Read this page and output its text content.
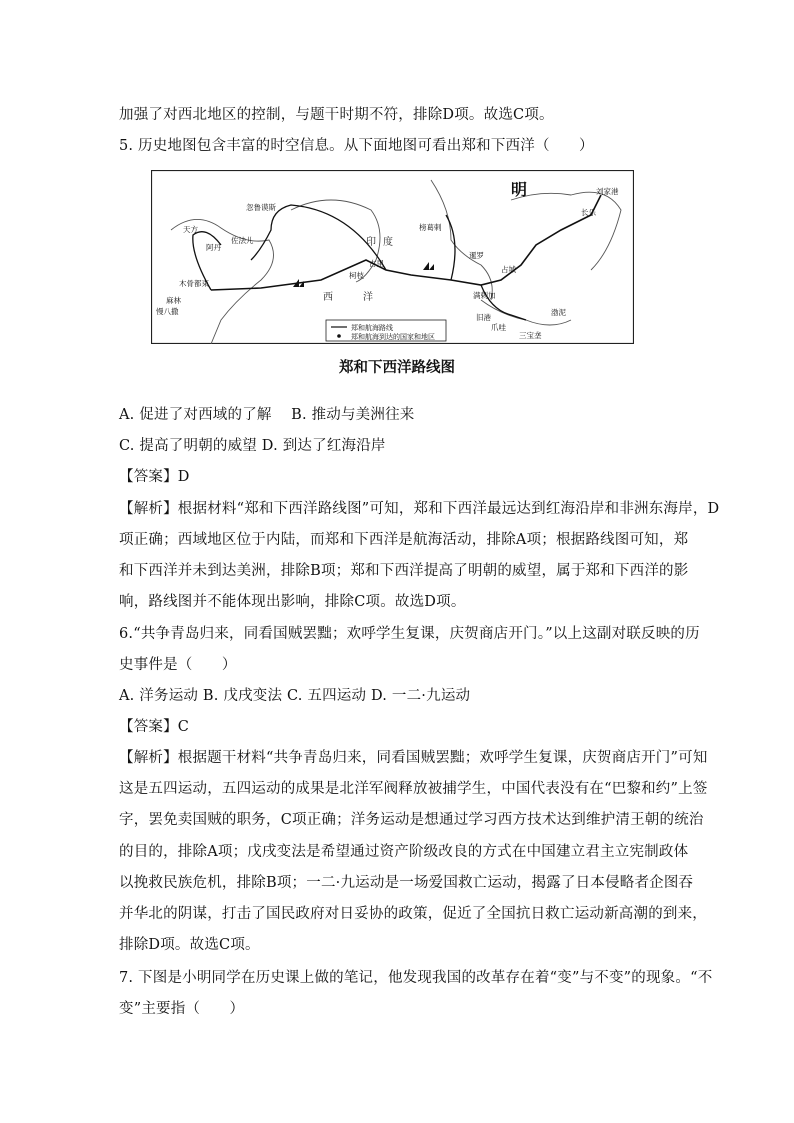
加强了对西北地区的控制，与题干时期不符，排除D项。故选C项。
5. 历史地图包含丰富的时空信息。从下面地图可看出郑和下西洋（　　）
明
印 度
西	洋
天方
忽鲁谟斯
佐法儿
阿丹
木骨都束
麻林
慢八撒
古里
柯枝
榜葛剌
暹罗
占城
满剌加
旧港
爪哇
刘家港
长乐
渤泥
三宝垄
郑和航海路线
郑和航海到达的国家和地区
郑和下西洋路线图
A. 促进了对西域的了解　 B. 推动与美洲往来
C. 提高了明朝的威望 D. 到达了红海沿岸
【答案】D
【解析】根据材料“郑和下西洋路线图”可知，郑和下西洋最远达到红海沿岸和非洲东海岸，D
项正确；西域地区位于内陆，而郑和下西洋是航海活动，排除A项；根据路线图可知，郑
和下西洋并未到达美洲，排除B项；郑和下西洋提高了明朝的威望，属于郑和下西洋的影
响，路线图并不能体现出影响，排除C项。故选D项。
6.“共争青岛归来，同看国贼罢黜；欢呼学生复课，庆贺商店开门。”以上这副对联反映的历
史事件是（　　）
A. 洋务运动 B. 戊戌变法 C. 五四运动 D. 一二·九运动
【答案】C
【解析】根据题干材料“共争青岛归来，同看国贼罢黜；欢呼学生复课，庆贺商店开门”可知
这是五四运动，五四运动的成果是北洋军阀释放被捕学生，中国代表没有在“巴黎和约”上签
字，罢免卖国贼的职务，C项正确；洋务运动是想通过学习西方技术达到维护清王朝的统治
的目的，排除A项；戊戌变法是希望通过资产阶级改良的方式在中国建立君主立宪制政体
以挽救民族危机，排除B项；一二·九运动是一场爱国救亡运动，揭露了日本侵略者企图吞
并华北的阴谋，打击了国民政府对日妥协的政策，促近了全国抗日救亡运动新高潮的到来，
排除D项。故选C项。
7. 下图是小明同学在历史课上做的笔记，他发现我国的改革存在着“变”与不变”的现象。“不
变”主要指（　　）
